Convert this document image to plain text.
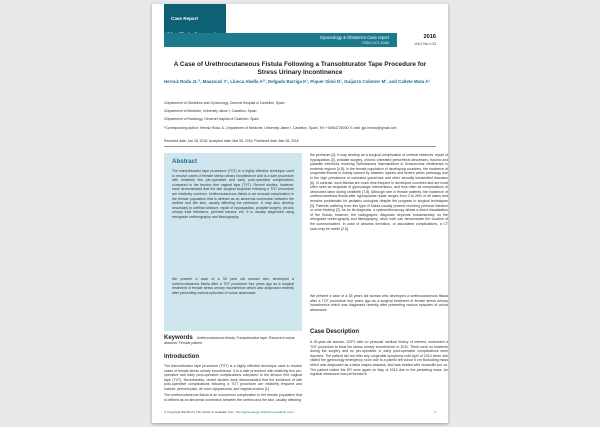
Case Report
Gynecology & Obstetrics Case report
ISSN 2471-8165
2016
Vol.2 No.1:13
A Case of Urethrocutaneous Fistula Following a Transobturator Tape Procedure for Stress Urinary Incontinence
Herraiz Roda JL¹², Maazouzi Y¹, Llueca Abella A¹², Delgado Barriga K¹, Piquer Simó D¹, Guijarro Colomer M¹, and Cañete Mota A³
¹Department of Obstetrics and Gynecology, General Hospital of Castellon, Spain
²Department of Medicine, University Jaime I, Castellon, Spain
³Department of Radiology, General Hospital of Castellon, Spain
*Corresponding author: Herraiz Roda JL, Department of Medicine, University Jaime I, Castellon, Spain, Tel: +34964726000; E-mail: jgo.herraiz@gmail.com
Received date: Jan 18, 2016; Accepted date: Mar 08, 2016; Published date: Mar 08, 2016
Abstract
The transobturator tape procedure (TOT) is a highly effective technique used to resolve cases of female stress urinary incontinence and is a safe procedure with relatively few per-operative and early post-operative complications compared to the tension free vaginal tape (TVT). Recent studies, however, have demonstrated that the late surgical sequelae following a TOT procedure are relatively common. Urethrocutaneous fistula is an unusual complication in the female population that is defined as an abnormal connection between the urethra and the skin, usually affecting the perineum. It may also develop secondary to urethral stricture, repair of hypospadias, prostate surgery, chronic urinary tract infections, perineal trauma, etc. It is usually diagnosed using retrograde urethrography and fistulography.
We present a case of a 53 year old woman who developed a urethrocutaneous fistula after a TOT procedure four years ago as a surgical treatment of female stress urinary incontinence which was diagnosed recently after presenting various episodes of vulvar abscesses.
Keywords Urethrocutaneous fistula; Transobturator tape; Recurrent vulvar abscess; Female patient
Introduction
The transobturator tape procedure (TOT) is a highly effective technique used to resolve cases of female stress urinary incontinence. It is a safe procedure with relatively few per-operative and early post-operative complications compared to the tension free vaginal tape (TVT). Nevertheless, recent studies have demonstrated that the incidence of late post-operative complications following a TOT procedure are relatively frequent and include: perineal pain, de novo dyspareunia, and vaginal erosion [1].
The urethrocutaneous fistula is an uncommon complication in the female population that is defined as an abnormal connection between the urethra and the skin, usually affecting
the perineum [2]. It may develop as a surgical complication of urethral strictures, repair of hypospadias [3], prostate surgery, chronic untreated periurethral abscesses, trauma and parasitic infections involving Schistosoma haematobium in Dracunculus medinensis in endemic regions [4,5]. In the female population of developing countries, the incidence of urogenital fistulas is mainly caused by obstetric injuries and severe pelvic pathology due to the high prevalence of untreated gonorrhea and other sexually transmitted diseases [6]. In contrast, such fistulas are much less frequent in developed countries and are most often seen as sequelae of gynecologic interventions, and less often as complications of obstructed labor during childbirth [7,8]. Although rare in female patients, the incidence of urethrocutaneous fistula after hypospadias repair ranges from 4 to 28% of all cases and remains problematic for pediatric urologists despite the progress in surgical techniques [9]. Patients suffering from this type of fistula usually present recurring perineal infection or urine trickling [2]. As for its diagnosis, a cystourethroscopy allows a direct visualization of the fistula; however, the radiographic diagnosis depends fundamentally on the retrograde urethrography and fistulography, since both can demonstrate the location of the communication. In case of abscess formation, or associated complications, a CT scan may be useful [2,5].
We present a case of a 53 years old woman who developed a urethrocutaneous fistula after a TOT procedure four years ago as a surgical treatment of female stress urinary incontinence which was diagnosed recently after presenting various episodes of vulvar abscesses.
Case Description
A 49-year-old woman, G2P2 with no personal medical history of interest, underwent a TOT procedure to treat her stress urinary incontinence in 2011. There were no incidents during the surgery and no per-operative or early post-operative complications were reported. The patient did not refer any urogenital symptoms until April of 2014 when she visited the gynecology emergency room due to a painful left vulvar 5 cm fluctuating mass which was diagnosed as a labia majora abscess, and was treated with cloxacillin per os. The patient visited the ER once again on May of 2014 due to the persisting mass. An inguinal ultrasound was performed in
© Copyright iMedPub | This article is available from: http://gynecology-obstetrics.imedpub.com/	1
